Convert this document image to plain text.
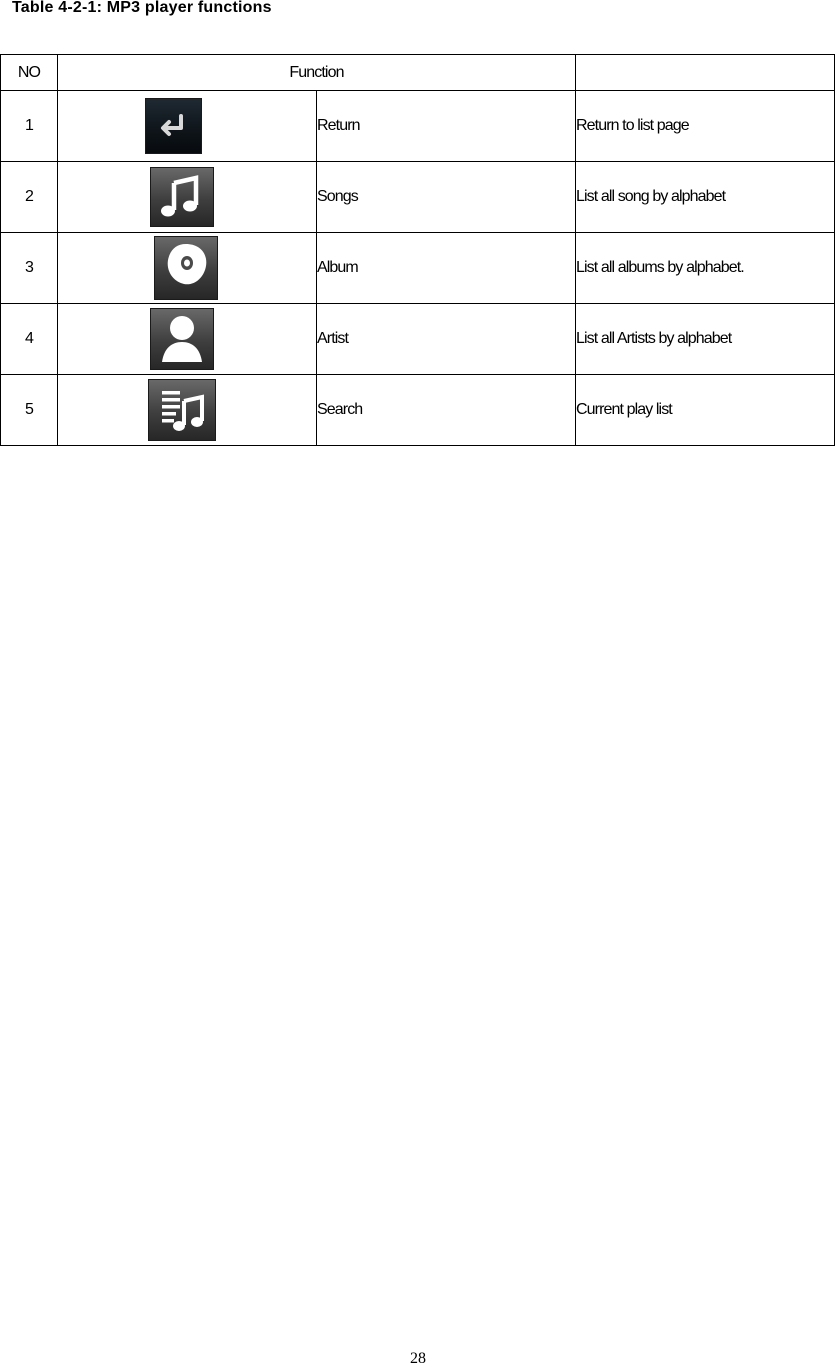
Table 4-2-1: MP3 player functions
NO	Function		
1		Return	Return to list page
2		Songs	List all song by alphabet
3		Album	List all albums by alphabet.
4		Artist	List all Artists by alphabet
5		Search	Current play list
28
